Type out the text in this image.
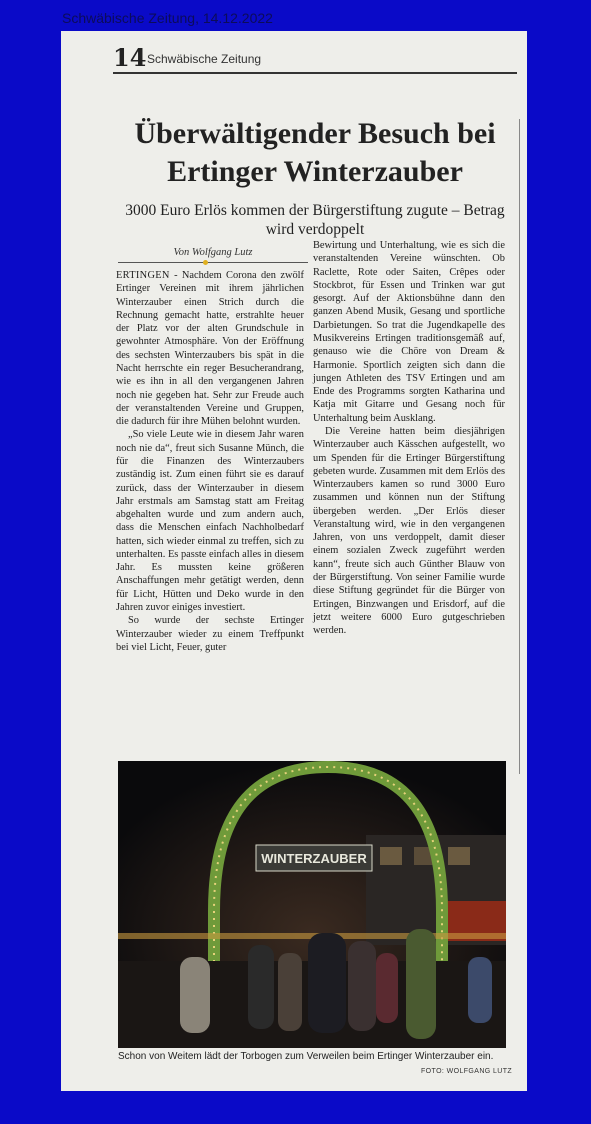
Schwäbische Zeitung, 14.12.2022
14 Schwäbische Zeitung
Überwältigender Besuch bei Ertinger Winterzauber
3000 Euro Erlös kommen der Bürgerstiftung zugute – Betrag wird verdoppelt
Von Wolfgang Lutz

ERTINGEN - Nachdem Corona den zwölf Ertinger Vereinen mit ihrem jährlichen Winterzauber einen Strich durch die Rechnung gemacht hatte, erstrahlte heuer der Platz vor der alten Grundschule in gewohnter Atmosphäre. Von der Eröffnung des sechsten Winterzaubers bis spät in die Nacht herrschte ein reger Besucherandrang, wie es ihn in all den vergangenen Jahren noch nie gegeben hat. Sehr zur Freude auch der veranstaltenden Vereine und Gruppen, die dadurch für ihre Mühen belohnt wurden.

„So viele Leute wie in diesem Jahr waren noch nie da“, freut sich Susanne Münch, die für die Finanzen des Winterzaubers zuständig ist. Zum einen führt sie es darauf zurück, dass der Winterzauber in diesem Jahr erstmals am Samstag statt am Freitag abgehalten wurde und zum andern auch, dass die Menschen einfach Nachholbedarf hatten, sich wieder einmal zu treffen, sich zu unterhalten. Es passte einfach alles in diesem Jahr. Es mussten keine größeren Anschaffungen mehr getätigt werden, denn für Licht, Hütten und Deko wurde in den Jahren zuvor einiges investiert.

So wurde der sechste Ertinger Winterzauber wieder zu einem Treffpunkt bei viel Licht, Feuer, guter

Bewirtung und Unterhaltung, wie es sich die veranstaltenden Vereine wünschten. Ob Raclette, Rote oder Saiten, Crêpes oder Stockbrot, für Essen und Trinken war gut gesorgt. Auf der Aktionsbühne dann den ganzen Abend Musik, Gesang und sportliche Darbietungen. So trat die Jugendkapelle des Musikvereins Ertingen traditionsgemäß auf, genauso wie die Chöre von Dream & Harmonie. Sportlich zeigten sich dann die jungen Athleten des TSV Ertingen und am Ende des Programms sorgten Katharina und Katja mit Gitarre und Gesang noch für Unterhaltung beim Ausklang.

Die Vereine hatten beim diesjährigen Winterzauber auch Kässchen aufgestellt, wo um Spenden für die Ertinger Bürgerstiftung gebeten wurde. Zusammen mit dem Erlös des Winterzaubers kamen so rund 3000 Euro zusammen und können nun der Stiftung übergeben werden. „Der Erlös dieser Veranstaltung wird, wie in den vergangenen Jahren, von uns verdoppelt, damit dieser einem sozialen Zweck zugeführt werden kann“, freute sich auch Günther Blauw von der Bürgerstiftung. Von seiner Familie wurde diese Stiftung gegründet für die Bürger von Ertingen, Binzwangen und Erisdorf, auf die jetzt weitere 6000 Euro gutgeschrieben werden.

WINTERZAUBER
Schon von Weitem lädt der Torbogen zum Verweilen beim Ertinger Winterzauber ein.
FOTO: WOLFGANG LUTZ
